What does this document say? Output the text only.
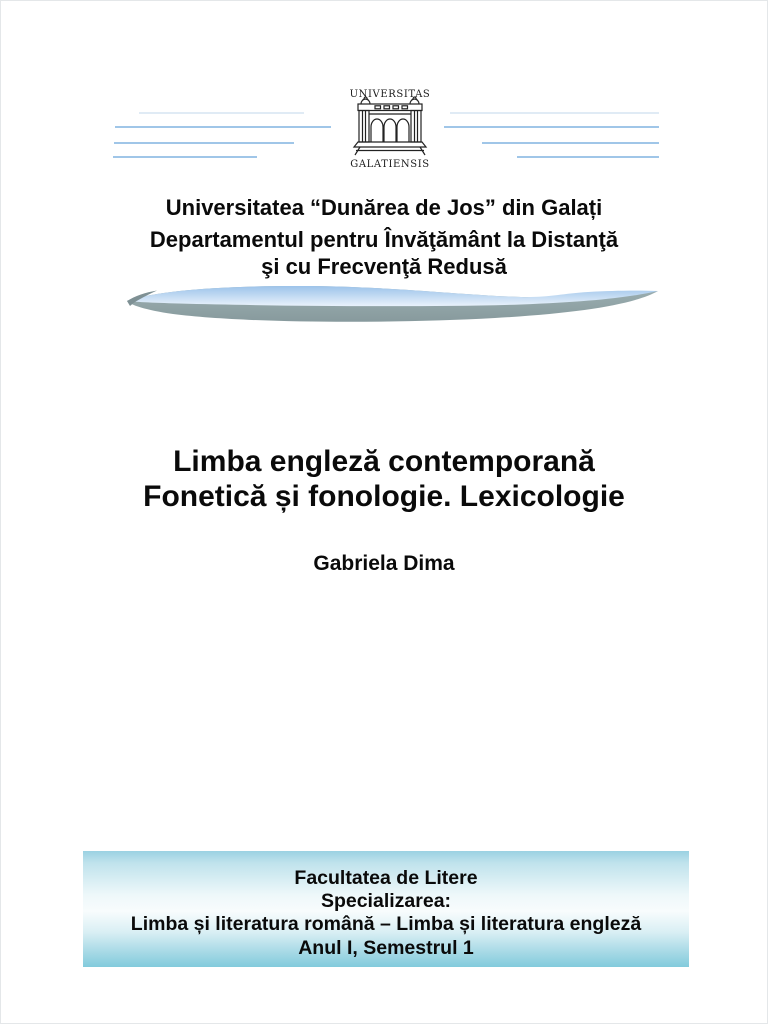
UNIVERSITAS
GALATIENSIS
Universitatea “Dunărea de Jos” din Galați
Departamentul pentru Învăţământ la Distanţă
şi cu Frecvenţă Redusă
Limba engleză contemporană
Fonetică și fonologie. Lexicologie
Gabriela Dima
Facultatea de Litere
Specializarea:
Limba și literatura română – Limba și literatura engleză
Anul I, Semestrul 1
